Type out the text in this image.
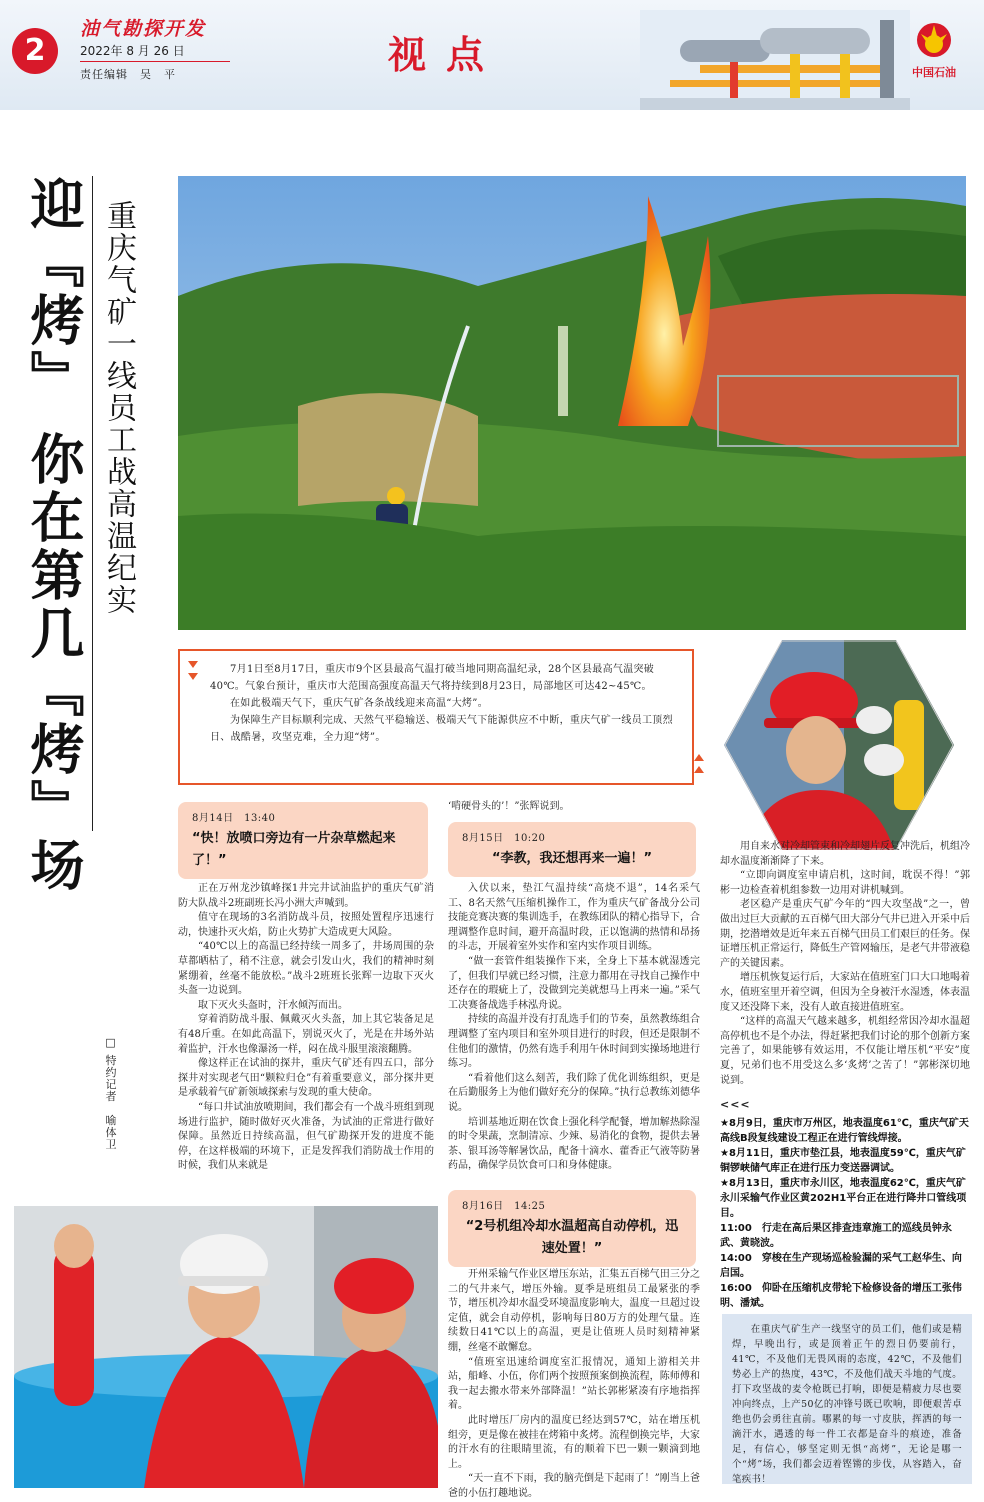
2
油气勘探开发
2022年 8 月 26 日
责任编辑　吴　平	视点	中国石油
迎『烤』 你在第几『烤』场 重庆气矿一线员工战高温纪实
□ 特约记者　喻体卫

7月1日至8月17日，重庆市9个区县最高气温打破当地同期高温纪录，28个区县最高气温突破40℃。气象台预计，重庆市大范围高强度高温天气将持续到8月23日，局部地区可达42~45℃。

在如此极端天气下，重庆气矿各条战线迎来高温“大烤”。

为保障生产目标顺利完成、天然气平稳输送、极端天气下能源供应不中断，重庆气矿一线员工顶烈日、战酷暑，攻坚克难，全力迎“烤”。

8月14日　13:40
“快！放喷口旁边有一片杂草燃起来了！”

正在万州龙沙镇峰探1井完井试油监护的重庆气矿消防大队战斗2班副班长冯小洲大声喊到。

值守在现场的3名消防战斗员，按照处置程序迅速行动，快速扑灭火焰，防止火势扩大造成更大风险。

“40℃以上的高温已经持续一周多了，井场周围的杂草都晒枯了，稍不注意，就会引发山火，我们的精神时刻紧绷着，丝毫不能放松。”战斗2班班长张辉一边取下灭火头盔一边说到。

取下灭火头盔时，汗水倾泻而出。

穿着消防战斗服、佩戴灭火头盔，加上其它装备足足有48斤重。在如此高温下，别说灭火了，光是在井场外站着监护，汗水也像瀑汤一样，闷在战斗服里滚滚翻腾。

像这样正在试油的探井，重庆气矿还有四五口，部分探井对实现老气田“颗粒归仓”有着重要意义，部分探井更是承载着气矿新领域探索与发现的重大使命。

“每口井试油放喷期间，我们都会有一个战斗班组到现场进行监护，随时做好灭火准备，为试油的正常进行做好保障。虽然近日持续高温，但气矿勘探开发的进度不能停，在这样极端的环境下，正是发挥我们消防战士作用的时候，我们从来就是

‘啃硬骨头的’！”张辉说到。

8月15日　10:20
“李教，我还想再来一遍！”

入伏以来，垫江气温持续“高烧不退”，14名采气工、8名天然气压缩机操作工，作为重庆气矿备战分公司技能竞赛决赛的集训选手，在教练团队的精心指导下，合理调整作息时间，避开高温时段，正以饱满的热情和昂扬的斗志，开展着室外实作和室内实作项目训练。

“做一套管件组装操作下来，全身上下基本就湿透完了，但我们早就已经习惯，注意力都用在寻找自己操作中还存在的瑕疵上了，没做到完美就想马上再来一遍。”采气工决赛备战选手林泓舟说。

持续的高温并没有打乱选手们的节奏，虽然教练组合理调整了室内项目和室外项目进行的时段，但还是限制不住他们的激情，仍然有选手利用午休时间到实操场地进行练习。

“看着他们这么刻苦，我们除了优化训练组织，更是在后勤服务上为他们做好充分的保障。”执行总教练刘德华说。

培训基地近期在饮食上强化科学配餐，增加解热除湿的时令果蔬，烹制清凉、少辣、易消化的食物，提供去暑茶、银耳汤等解暑饮品，配备十滴水、藿香正气液等防暑药品，确保学员饮食可口和身体健康。

8月16日　14:25
“2号机组冷却水温超高自动停机，迅速处置！”

开州采输气作业区增压东站，汇集五百梯气田三分之二的气井来气，增压外输。夏季是班组员工最紧张的季节，增压机冷却水温受环境温度影响大，温度一旦超过设定值，就会自动停机，影响每日80万方的处理气量。连续数日41℃以上的高温，更是让值班人员时刻精神紧绷，丝毫不敢懈怠。

“值班室迅速给调度室汇报情况，通知上游相关井站，船峰、小伍，你们两个按照预案倒换流程，陈师傅和我一起去搬水带来外部降温！”站长郭彬紧凑有序地指挥着。

此时增压厂房内的温度已经达到57℃，站在增压机组旁，更是像在被挂在烤箱中炙烤。流程倒换完毕，大家的汗水有的往眼睛里流，有的顺着下巴一颗一颗滴到地上。

“天一直不下雨，我的脑壳倒是下起雨了！”刚当上爸爸的小伍打趣地说。

用自来水对冷却管束和冷却翅片反复冲洗后，机组冷却水温度渐渐降了下来。

“立即向调度室申请启机，这时间，耽误不得！”郭彬一边检查着机组参数一边用对讲机喊到。

老区稳产是重庆气矿今年的“四大攻坚战”之一，曾做出过巨大贡献的五百梯气田大部分气井已进入开采中后期，挖潜增效是近年来五百梯气田员工们艰巨的任务。保证增压机正常运行，降低生产管网输压，是老气井带液稳产的关键因素。

增压机恢复运行后，大家站在值班室门口大口地喝着水，值班室里开着空调，但因为全身被汗水湿透，体表温度又还没降下来，没有人敢直接进值班室。

“这样的高温天气越来越多，机组经常因冷却水温超高停机也不是个办法，得赶紧把我们讨论的那个创新方案完善了，如果能够有效运用，不仅能让增压机“平安”度夏，兄弟们也不用受这么多‘炙烤’之苦了！”郭彬深切地说到。

<<<

★8月9日，重庆市万州区，地表温度61℃，重庆气矿天高线B段复线建设工程正在进行管线焊接。

★8月11日，重庆市垫江县，地表温度59℃，重庆气矿铜锣峡储气库正在进行压力变送器调试。

★8月13日，重庆市永川区，地表温度62℃，重庆气矿永川采输气作业区黄202H1平台正在进行降井口管线项目。

11:00　行走在高后果区排查违章施工的巡线员钟永武、黄晓波。

14:00　穿梭在生产现场巡检验漏的采气工赵华生、向启国。

16:00　仰卧在压缩机皮带轮下检修设备的增压工张伟明、潘斌。

在重庆气矿生产一线坚守的员工们，他们或是精焊，早晚出行，或是顶着正午的烈日仍要前行，41℃，不及他们无畏风雨的态度，42℃，不及他们势必上产的热度，43℃，不及他们战天斗地的气度。打下攻坚战的麦令枪既已打响，即便是精疲力尽也要冲向终点，上产50亿的冲锋号既已吹响，即便艰苦卓绝也仍会勇往直前。哪累的每一寸皮肤，挥洒的每一滴汗水，遇透的每一件工衣都是奋斗的痕迹，准备足，有信心，够坚定则无惧“高烤”，无论是哪一个“烤”场，我们都会迈着铿锵的步伐，从容踏入，奋笔疾书！
